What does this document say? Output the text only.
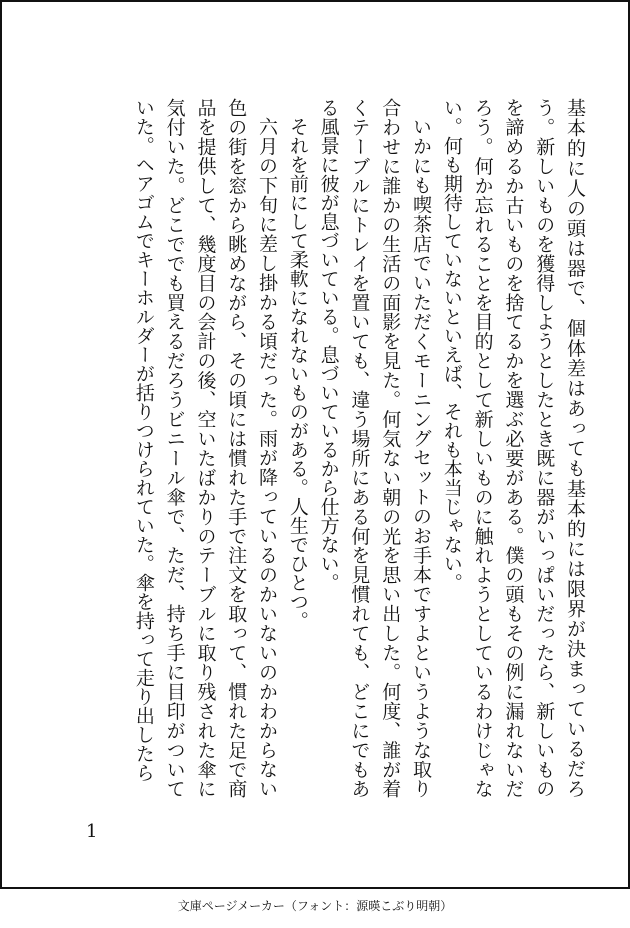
基本的に人の頭は器で、個体差はあっても基本的には限界が決まっているだろう。新しいものを獲得しようとしたとき既に器がいっぱいだったら、新しいものを諦めるか古いものを捨てるかを選ぶ必要がある。僕の頭もその例に漏れないだろう。何か忘れることを目的として新しいものに触れようとしているわけじゃない。何も期待していないといえば、それも本当じゃない。

いかにも喫茶店でいただくモーニングセットのお手本ですよというような取り合わせに誰かの生活の面影を見た。何気ない朝の光を思い出した。何度、誰が着くテーブルにトレイを置いても、違う場所にある何を見慣れても、どこにでもある風景に彼が息づいている。息づいているから仕方ない。

それを前にして柔軟になれないものがある。人生でひとつ。

六月の下旬に差し掛かる頃だった。雨が降っているのかいないのかわからない色の街を窓から眺めながら、その頃には慣れた手で注文を取って、慣れた足で商品を提供して、幾度目の会計の後、空いたばかりのテーブルに取り残された傘に気付いた。どこででも買えるだろうビニール傘で、ただ、持ち手に目印がついていた。ヘアゴムでキーホルダーが括りつけられていた。傘を持って走り出したら

1
文庫ページメーカー（フォント：源暎こぶり明朝）
